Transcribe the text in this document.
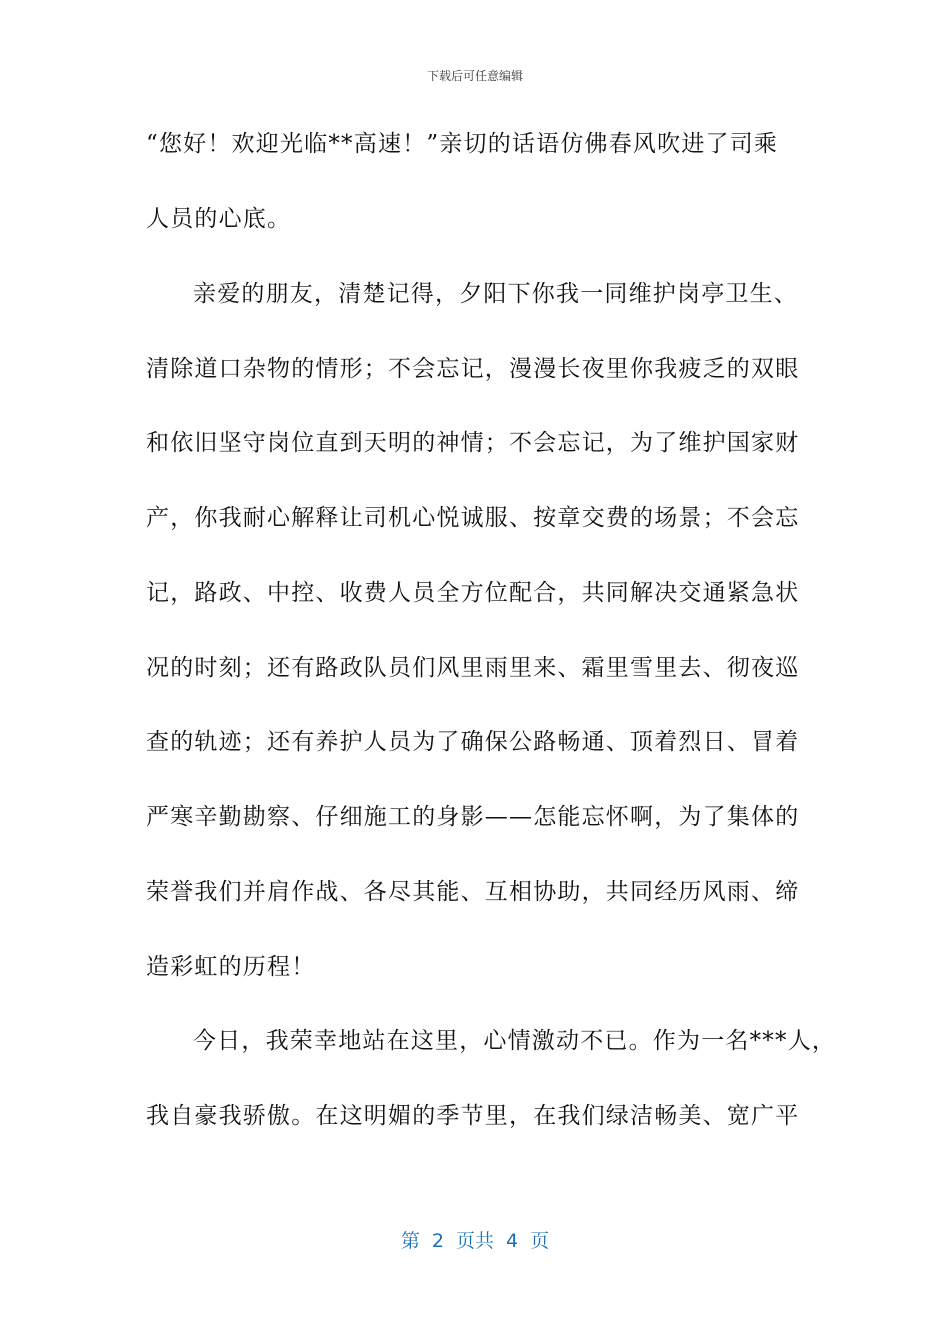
下载后可任意编辑
“您好！欢迎光临**高速！”亲切的话语仿佛春风吹进了司乘
人员的心底。
亲爱的朋友，清楚记得，夕阳下你我一同维护岗亭卫生、
清除道口杂物的情形；不会忘记，漫漫长夜里你我疲乏的双眼
和依旧坚守岗位直到天明的神情；不会忘记，为了维护国家财
产，你我耐心解释让司机心悦诚服、按章交费的场景；不会忘
记，路政、中控、收费人员全方位配合，共同解决交通紧急状
况的时刻；还有路政队员们风里雨里来、霜里雪里去、彻夜巡
查的轨迹；还有养护人员为了确保公路畅通、顶着烈日、冒着
严寒辛勤勘察、仔细施工的身影——怎能忘怀啊，为了集体的
荣誉我们并肩作战、各尽其能、互相协助，共同经历风雨、缔
造彩虹的历程！
今日，我荣幸地站在这里，心情激动不已。作为一名***人，
我自豪我骄傲。在这明媚的季节里，在我们绿洁畅美、宽广平
第 2 页共 4 页
